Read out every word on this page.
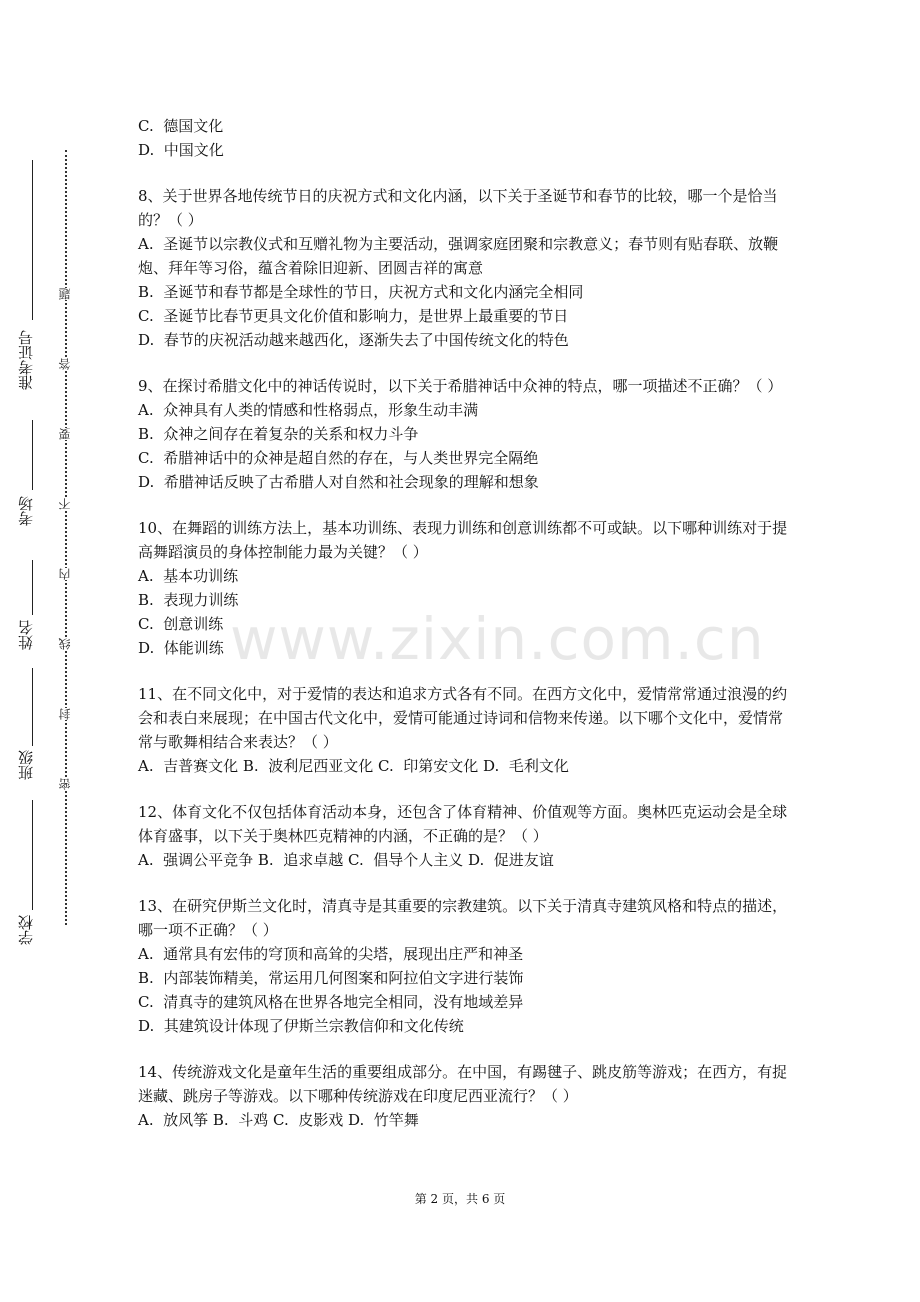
准考证号
考场
姓名
班级
学校
题
答
要
不
内
线
封
密
www.zixin.com.cn

C.  德国文化

D.  中国文化

8、关于世界各地传统节日的庆祝方式和文化内涵，以下关于圣诞节和春节的比较，哪一个是恰当的？（ ）

A.  圣诞节以宗教仪式和互赠礼物为主要活动，强调家庭团聚和宗教意义；春节则有贴春联、放鞭炮、拜年等习俗，蕴含着除旧迎新、团圆吉祥的寓意

B.  圣诞节和春节都是全球性的节日，庆祝方式和文化内涵完全相同

C.  圣诞节比春节更具文化价值和影响力，是世界上最重要的节日

D.  春节的庆祝活动越来越西化，逐渐失去了中国传统文化的特色

9、在探讨希腊文化中的神话传说时，以下关于希腊神话中众神的特点，哪一项描述不正确？（ ）

A.  众神具有人类的情感和性格弱点，形象生动丰满

B.  众神之间存在着复杂的关系和权力斗争

C.  希腊神话中的众神是超自然的存在，与人类世界完全隔绝

D.  希腊神话反映了古希腊人对自然和社会现象的理解和想象

10、在舞蹈的训练方法上，基本功训练、表现力训练和创意训练都不可或缺。以下哪种训练对于提高舞蹈演员的身体控制能力最为关键？（ ）

A.  基本功训练

B.  表现力训练

C.  创意训练

D.  体能训练

11、在不同文化中，对于爱情的表达和追求方式各有不同。在西方文化中，爱情常常通过浪漫的约会和表白来展现；在中国古代文化中，爱情可能通过诗词和信物来传递。以下哪个文化中，爱情常常与歌舞相结合来表达？（ ）

A.  吉普赛文化 B.  波利尼西亚文化 C.  印第安文化 D.  毛利文化

12、体育文化不仅包括体育活动本身，还包含了体育精神、价值观等方面。奥林匹克运动会是全球体育盛事，以下关于奥林匹克精神的内涵，不正确的是？（ ）

A.  强调公平竞争 B.  追求卓越 C.  倡导个人主义 D.  促进友谊

13、在研究伊斯兰文化时，清真寺是其重要的宗教建筑。以下关于清真寺建筑风格和特点的描述，哪一项不正确？（ ）

A.  通常具有宏伟的穹顶和高耸的尖塔，展现出庄严和神圣

B.  内部装饰精美，常运用几何图案和阿拉伯文字进行装饰

C.  清真寺的建筑风格在世界各地完全相同，没有地域差异

D.  其建筑设计体现了伊斯兰宗教信仰和文化传统

14、传统游戏文化是童年生活的重要组成部分。在中国，有踢毽子、跳皮筋等游戏；在西方，有捉迷藏、跳房子等游戏。以下哪种传统游戏在印度尼西亚流行？（ ）

A.  放风筝 B.  斗鸡 C.  皮影戏 D.  竹竿舞

第 2 页，共 6 页
